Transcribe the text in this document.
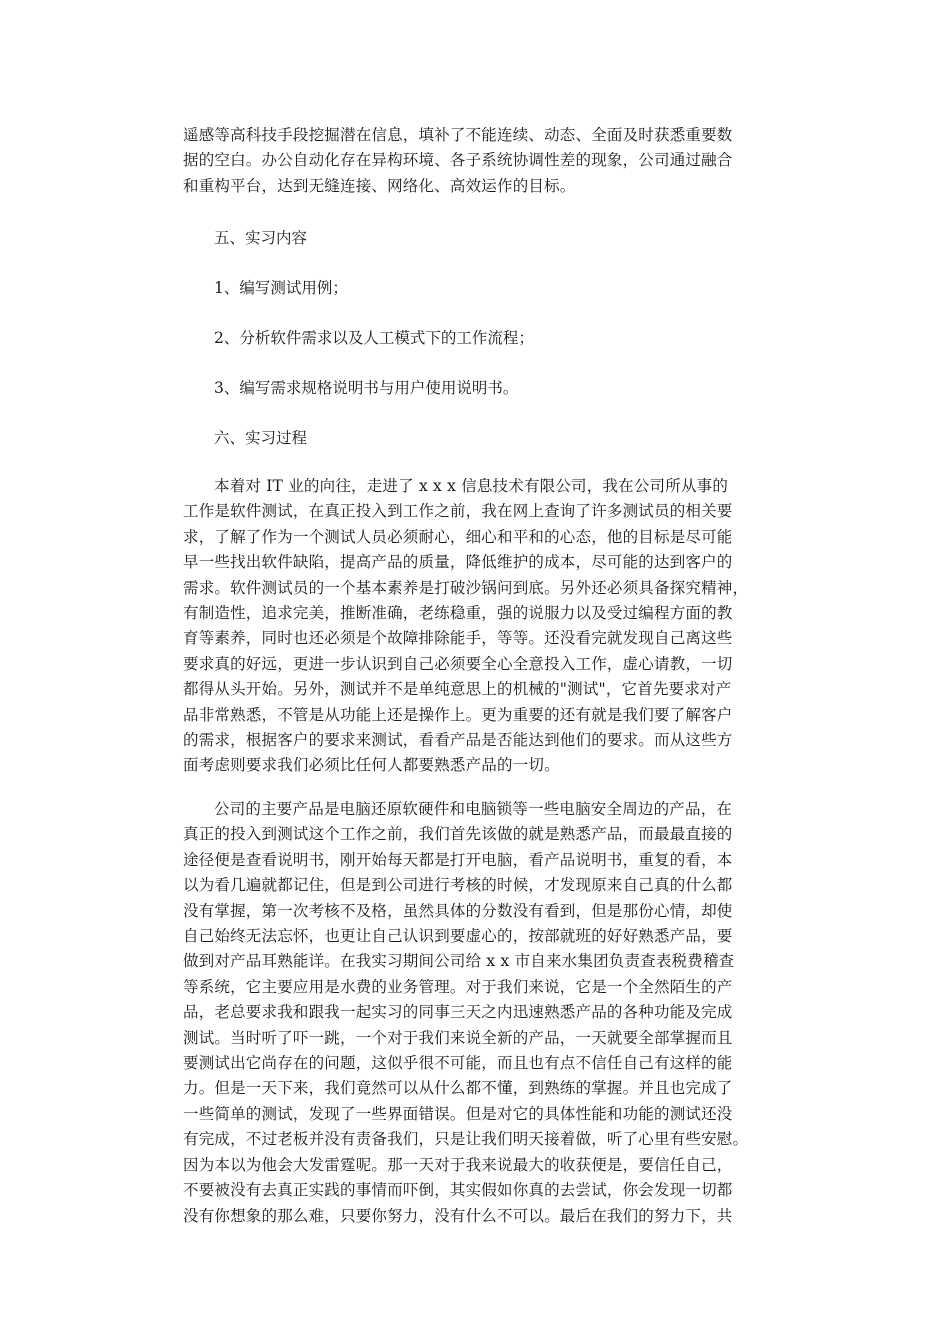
遥感等高科技手段挖掘潜在信息，填补了不能连续、动态、全面及时获悉重要数
据的空白。办公自动化存在异构环境、各子系统协调性差的现象，公司通过融合
和重构平台，达到无缝连接、网络化、高效运作的目标。

五、实习内容

1、编写测试用例；

2、分析软件需求以及人工模式下的工作流程；

3、编写需求规格说明书与用户使用说明书。

六、实习过程

本着对 IT 业的向往，走进了 x x x 信息技术有限公司，我在公司所从事的
工作是软件测试，在真正投入到工作之前，我在网上查询了许多测试员的相关要
求，了解了作为一个测试人员必须耐心，细心和平和的心态，他的目标是尽可能
早一些找出软件缺陷，提高产品的质量，降低维护的成本，尽可能的达到客户的
需求。软件测试员的一个基本素养是打破沙锅问到底。另外还必须具备探究精神，
有制造性，追求完美，推断准确，老练稳重，强的说服力以及受过编程方面的教
育等素养，同时也还必须是个故障排除能手，等等。还没看完就发现自己离这些
要求真的好远，更进一步认识到自己必须要全心全意投入工作，虚心请教，一切
都得从头开始。另外，测试并不是单纯意思上的机械的"测试"，它首先要求对产
品非常熟悉，不管是从功能上还是操作上。更为重要的还有就是我们要了解客户
的需求，根据客户的要求来测试，看看产品是否能达到他们的要求。而从这些方
面考虑则要求我们必须比任何人都要熟悉产品的一切。
公司的主要产品是电脑还原软硬件和电脑锁等一些电脑安全周边的产品，在
真正的投入到测试这个工作之前，我们首先该做的就是熟悉产品，而最最直接的
途径便是查看说明书，刚开始每天都是打开电脑，看产品说明书，重复的看，本
以为看几遍就都记住，但是到公司进行考核的时候，才发现原来自己真的什么都
没有掌握，第一次考核不及格，虽然具体的分数没有看到，但是那份心情，却使
自己始终无法忘怀，也更让自己认识到要虚心的，按部就班的好好熟悉产品，要
做到对产品耳熟能详。在我实习期间公司给 x x 市自来水集团负责查表税费稽查
等系统，它主要应用是水费的业务管理。对于我们来说，它是一个全然陌生的产
品，老总要求我和跟我一起实习的同事三天之内迅速熟悉产品的各种功能及完成
测试。当时听了吓一跳，一个对于我们来说全新的产品，一天就要全部掌握而且
要测试出它尚存在的问题，这似乎很不可能，而且也有点不信任自己有这样的能
力。但是一天下来，我们竟然可以从什么都不懂，到熟练的掌握。并且也完成了
一些简单的测试，发现了一些界面错误。但是对它的具体性能和功能的测试还没
有完成，不过老板并没有责备我们，只是让我们明天接着做，听了心里有些安慰。
因为本以为他会大发雷霆呢。那一天对于我来说最大的收获便是，要信任自己，
不要被没有去真正实践的事情而吓倒，其实假如你真的去尝试，你会发现一切都
没有你想象的那么难，只要你努力，没有什么不可以。最后在我们的努力下，共
